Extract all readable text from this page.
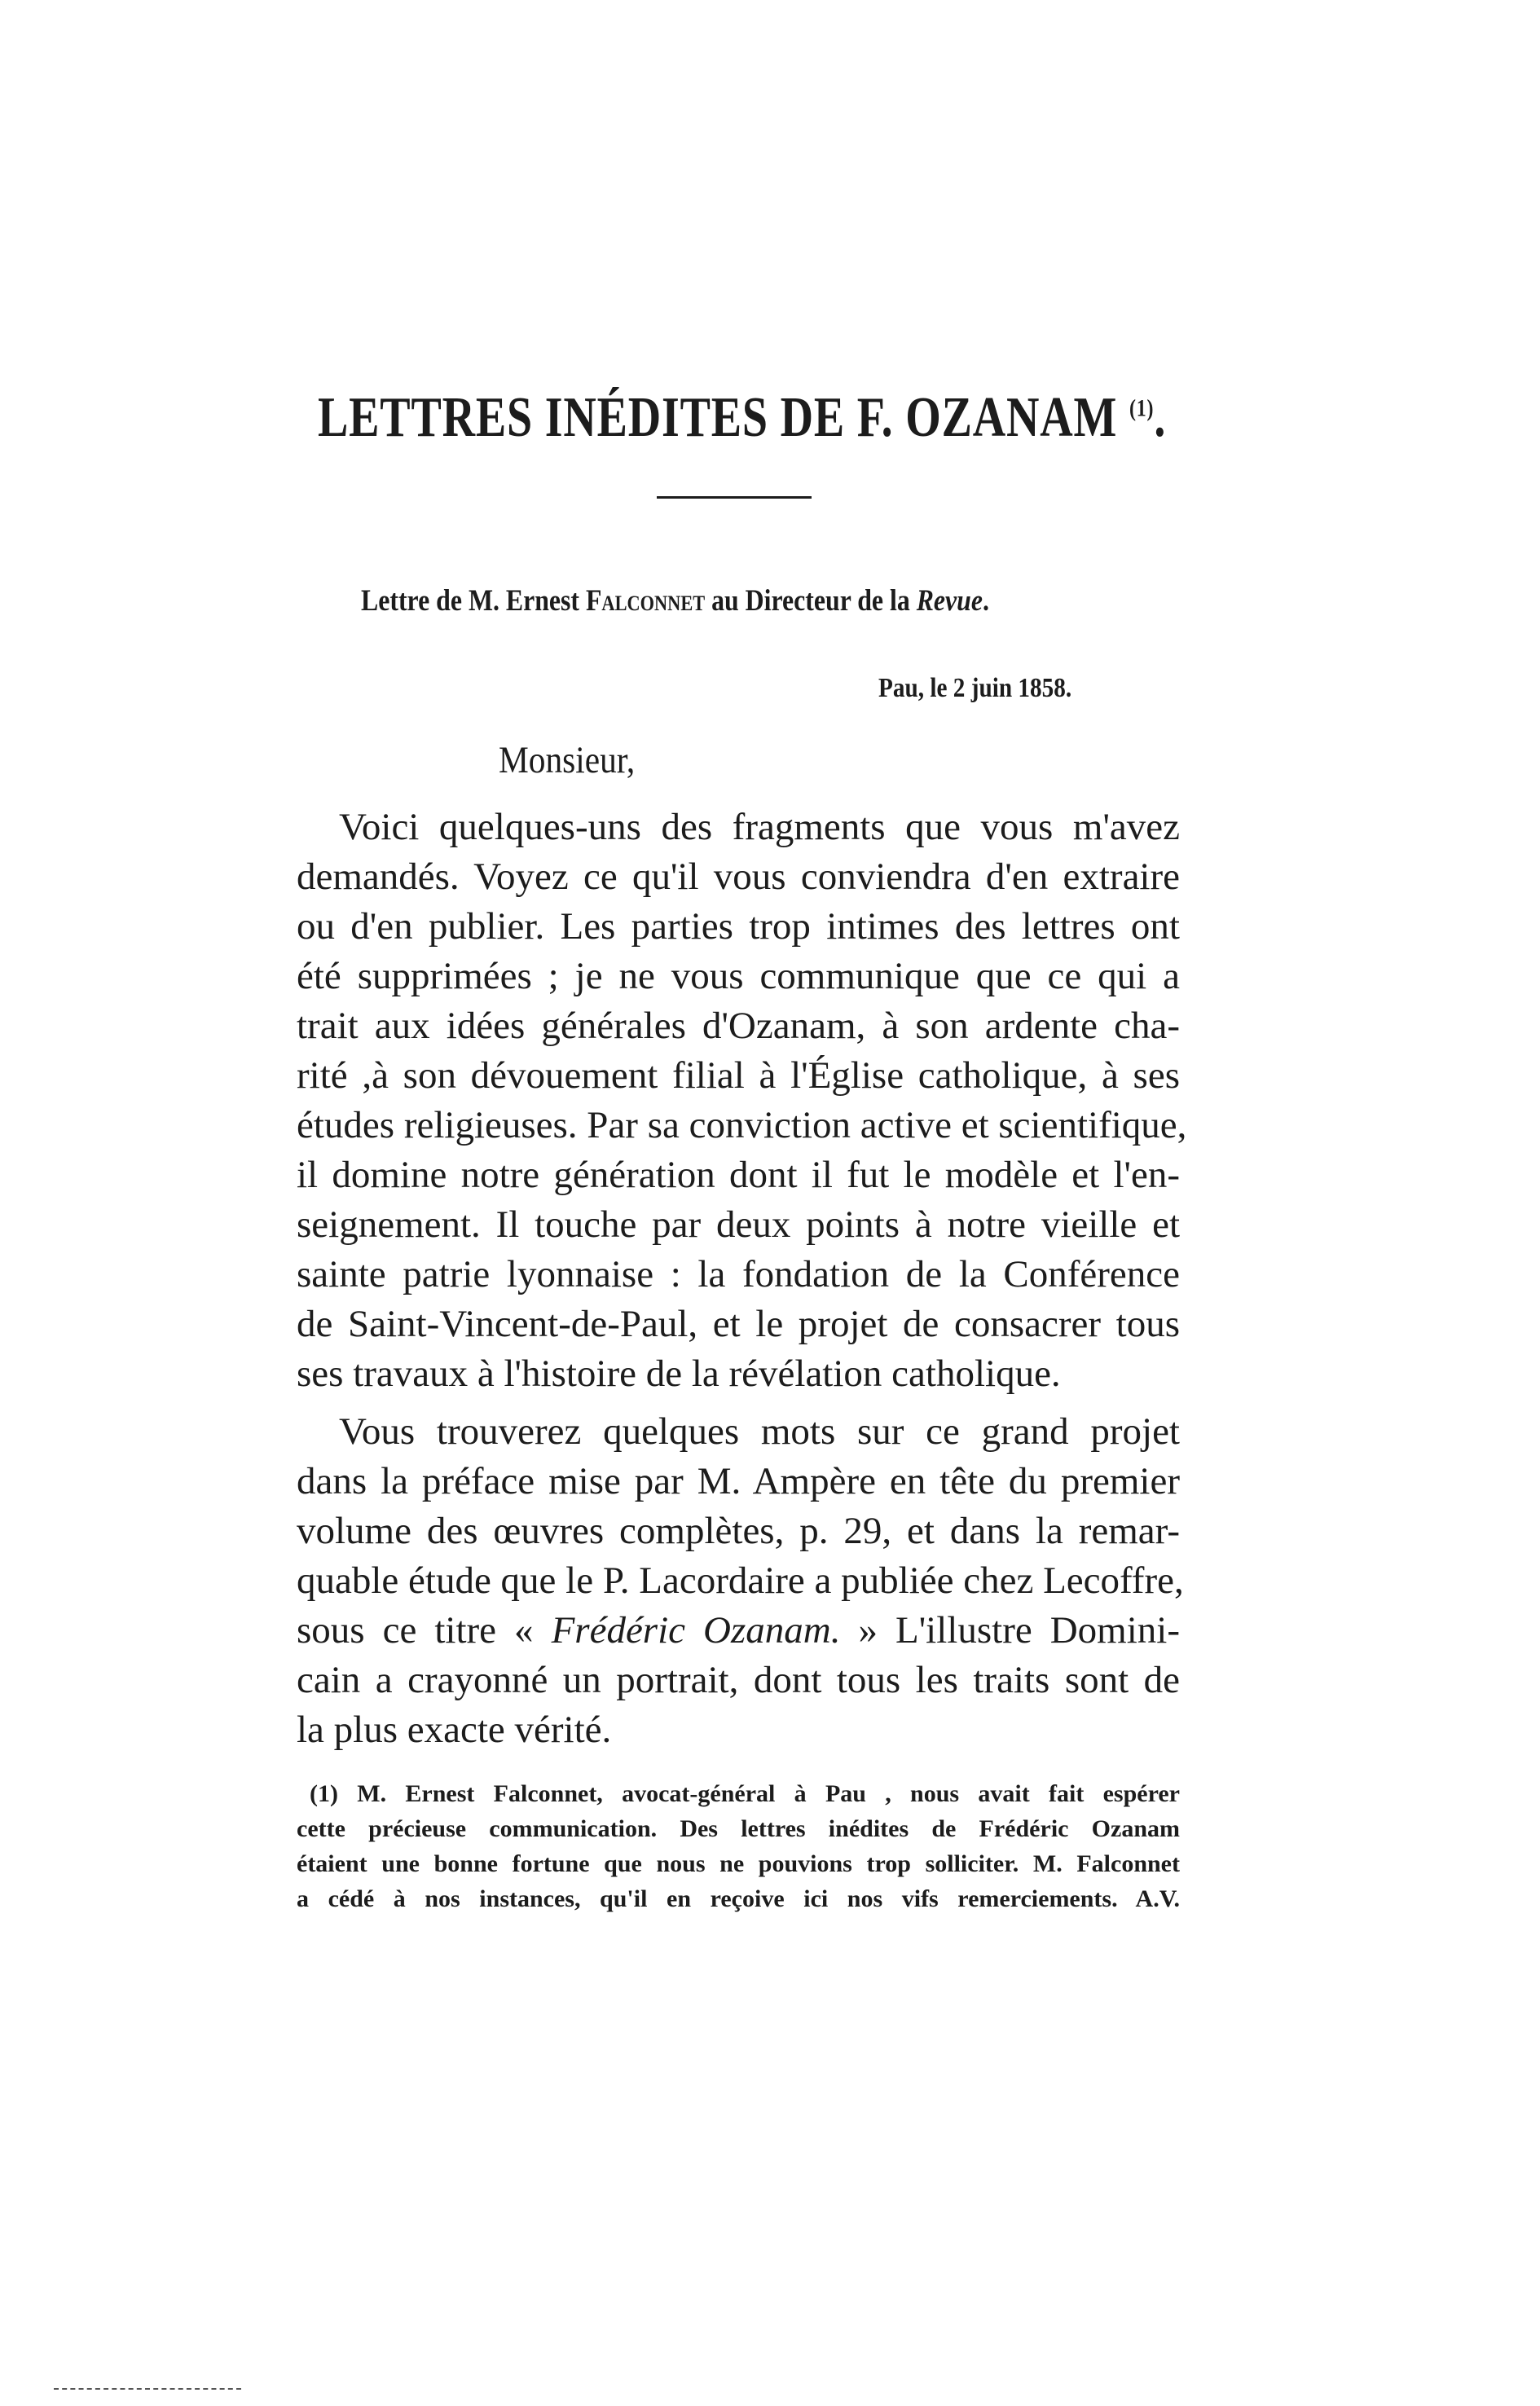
LETTRES INÉDITES DE F. OZANAM $^{(1)}$.
Lettre de M. Ernest Falconnet au Directeur de la Revue.
Pau, le 2 juin 1858.
Monsieur,
Voici quelques-uns des fragments que vous m'avez
demandés. Voyez ce qu'il vous conviendra d'en extraire
ou d'en publier. Les parties trop intimes des lettres ont
été supprimées ; je ne vous communique que ce qui a
trait aux idées générales d'Ozanam, à son ardente cha-
rité ,à son dévouement filial à l'Église catholique, à ses
études religieuses. Par sa conviction active et scientifique,
il domine notre génération dont il fut le modèle et l'en-
seignement. Il touche par deux points à notre vieille et
sainte patrie lyonnaise : la fondation de la Conférence
de Saint-Vincent-de-Paul, et le projet de consacrer tous
ses travaux à l'histoire de la révélation catholique.
Vous trouverez quelques mots sur ce grand projet
dans la préface mise par M. Ampère en tête du premier
volume des œuvres complètes, p. 29, et dans la remar-
quable étude que le P. Lacordaire a publiée chez Lecoffre,
sous ce titre « Frédéric Ozanam. » L'illustre Domini-
cain a crayonné un portrait, dont tous les traits sont de
la plus exacte vérité.
(1) M. Ernest Falconnet, avocat-général à Pau , nous avait fait espérer
cette précieuse communication. Des lettres inédites de Frédéric Ozanam
étaient une bonne fortune que nous ne pouvions trop solliciter. M. Falconnet
a cédé à nos instances, qu'il en reçoive ici nos vifs remerciements. A.V.
